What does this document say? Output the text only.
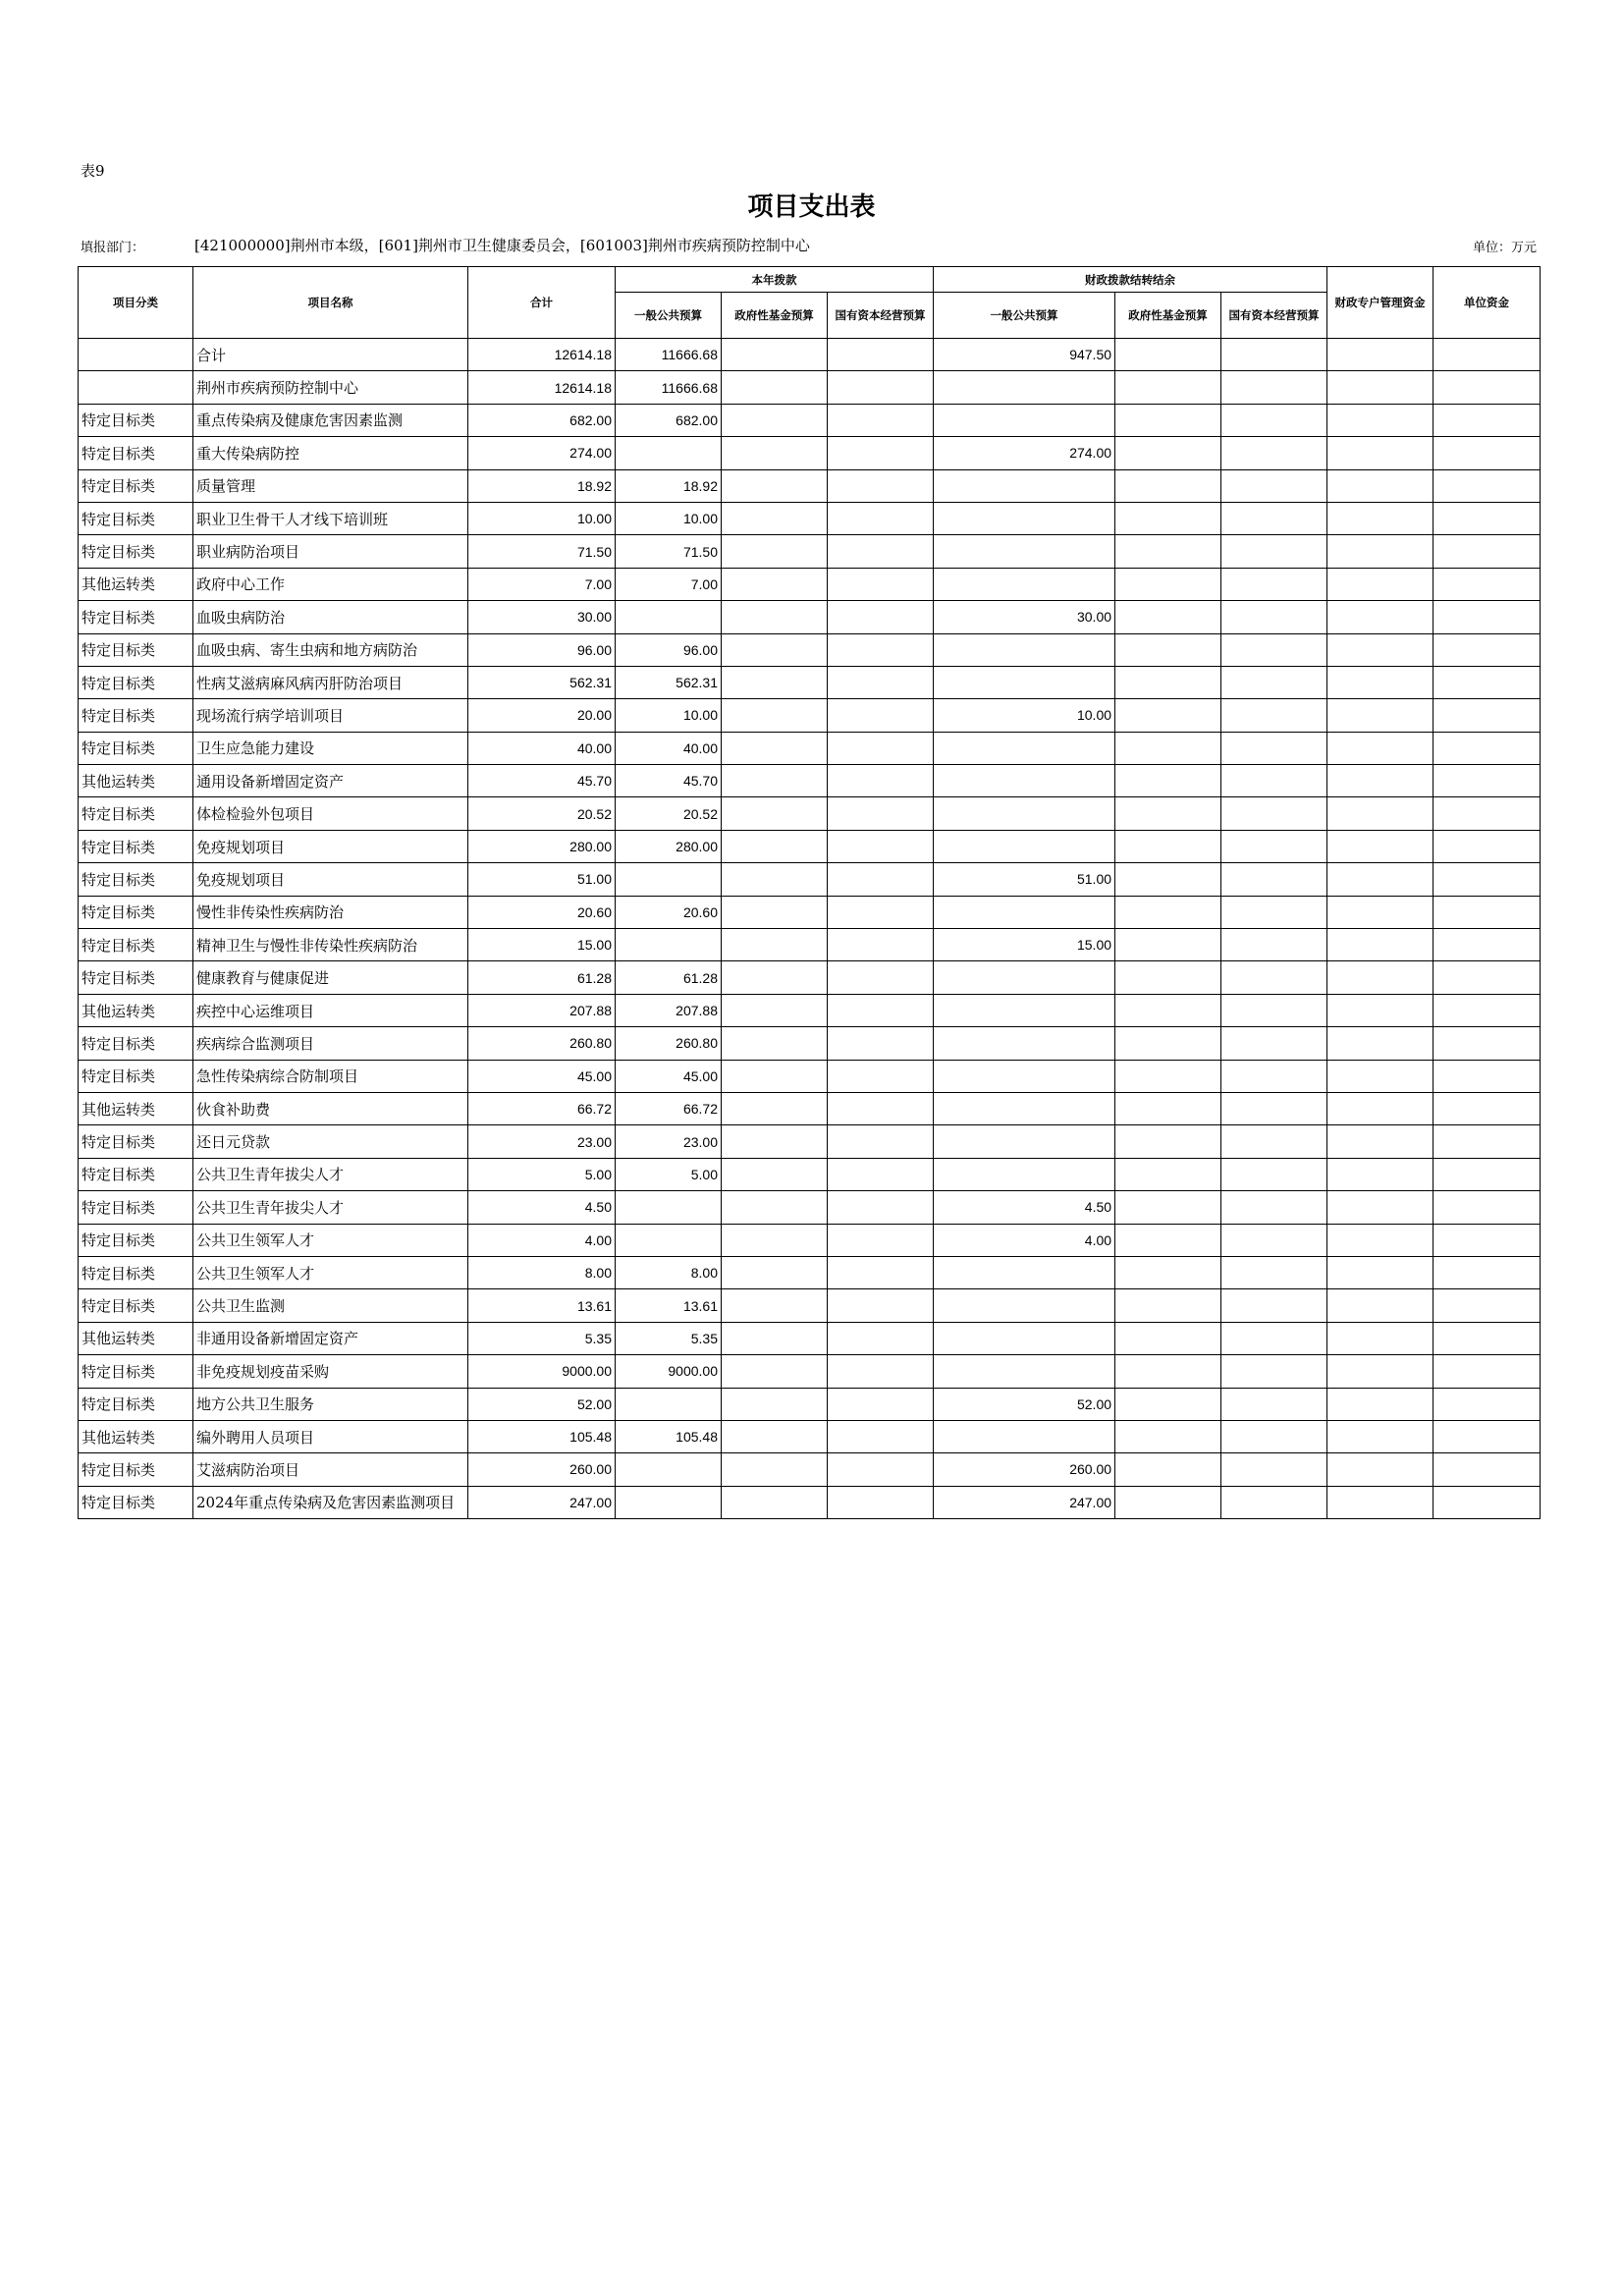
表9
项目支出表
填报部门：	[421000000]荆州市本级，[601]荆州市卫生健康委员会，[601003]荆州市疾病预防控制中心	单位：万元
项目分类	项目名称	合计	本年拨款			财政拨款结转结余			财政专户管理资金	单位资金
			一般公共预算	政府性基金预算	国有资本经营预算	一般公共预算	政府性基金预算	国有资本经营预算		
	合计	12614.18	11666.68			947.50				
	荆州市疾病预防控制中心	12614.18	11666.68							
特定目标类	重点传染病及健康危害因素监测	682.00	682.00							
特定目标类	重大传染病防控	274.00				274.00				
特定目标类	质量管理	18.92	18.92							
特定目标类	职业卫生骨干人才线下培训班	10.00	10.00							
特定目标类	职业病防治项目	71.50	71.50							
其他运转类	政府中心工作	7.00	7.00							
特定目标类	血吸虫病防治	30.00				30.00				
特定目标类	血吸虫病、寄生虫病和地方病防治	96.00	96.00							
特定目标类	性病艾滋病麻风病丙肝防治项目	562.31	562.31							
特定目标类	现场流行病学培训项目	20.00	10.00			10.00				
特定目标类	卫生应急能力建设	40.00	40.00							
其他运转类	通用设备新增固定资产	45.70	45.70							
特定目标类	体检检验外包项目	20.52	20.52							
特定目标类	免疫规划项目	280.00	280.00							
特定目标类	免疫规划项目	51.00				51.00				
特定目标类	慢性非传染性疾病防治	20.60	20.60							
特定目标类	精神卫生与慢性非传染性疾病防治	15.00				15.00				
特定目标类	健康教育与健康促进	61.28	61.28							
其他运转类	疾控中心运维项目	207.88	207.88							
特定目标类	疾病综合监测项目	260.80	260.80							
特定目标类	急性传染病综合防制项目	45.00	45.00							
其他运转类	伙食补助费	66.72	66.72							
特定目标类	还日元贷款	23.00	23.00							
特定目标类	公共卫生青年拔尖人才	5.00	5.00							
特定目标类	公共卫生青年拔尖人才	4.50				4.50				
特定目标类	公共卫生领军人才	4.00				4.00				
特定目标类	公共卫生领军人才	8.00	8.00							
特定目标类	公共卫生监测	13.61	13.61							
其他运转类	非通用设备新增固定资产	5.35	5.35							
特定目标类	非免疫规划疫苗采购	9000.00	9000.00							
特定目标类	地方公共卫生服务	52.00				52.00				
其他运转类	编外聘用人员项目	105.48	105.48							
特定目标类	艾滋病防治项目	260.00				260.00				
特定目标类	2024年重点传染病及危害因素监测项目	247.00				247.00				
